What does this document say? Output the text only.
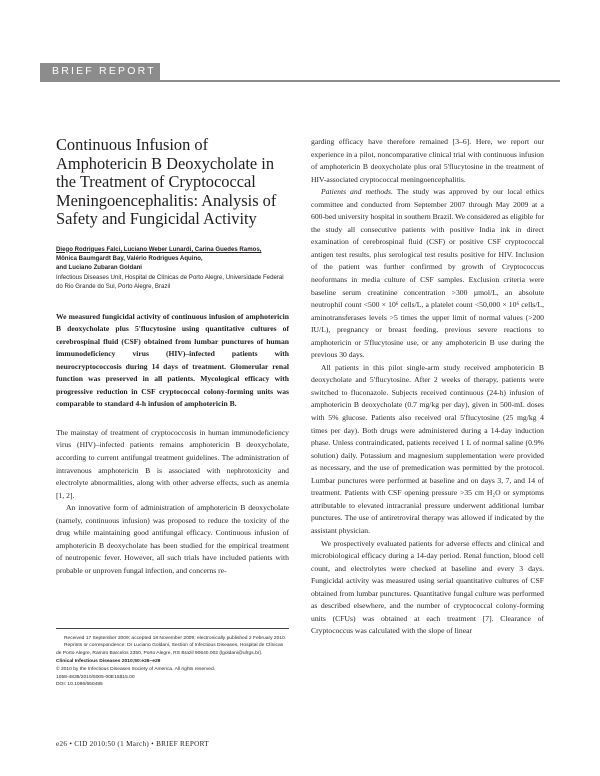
BRIEF REPORT
Continuous Infusion of Amphotericin B Deoxycholate in the Treatment of Cryptococcal Meningoencephalitis: Analysis of Safety and Fungicidal Activity
Diego Rodrigues Falci, Luciano Weber Lunardi, Carina Guedes Ramos,
Mônica Baumgardt Bay, Valério Rodrigues Aquino,
and Luciano Zubaran Goldani
Infectious Diseases Unit, Hospital de Clínicas de Porto Alegre, Universidade Federal do Rio Grande do Sul, Porto Alegre, Brazil
We measured fungicidal activity of continuous infusion of amphotericin B deoxycholate plus 5'flucytosine using quantitative cultures of cerebrospinal fluid (CSF) obtained from lumbar punctures of human immunodeficiency virus (HIV)–infected patients with neurocryptococcosis during 14 days of treatment. Glomerular renal function was preserved in all patients. Mycological efficacy with progressive reduction in CSF cryptococcal colony-forming units was comparable to standard 4-h infusion of amphotericin B.

The mainstay of treatment of cryptococcosis in human immunodeficiency virus (HIV)–infected patients remains amphotericin B deoxycholate, according to current antifungal treatment guidelines. The administration of intravenous amphotericin B is associated with nephrotoxicity and electrolyte abnormalities, along with other adverse effects, such as anemia [1, 2].

An innovative form of administration of amphotericin B deoxycholate (namely, continuous infusion) was proposed to reduce the toxicity of the drug while maintaining good antifungal efficacy. Continuous infusion of amphotericin B deoxycholate has been studied for the empirical treatment of neutropenic fever. However, all such trials have included patients with probable or unproven fungal infection, and concerns re-

garding efficacy have therefore remained [3–6]. Here, we report our experience in a pilot, noncomparative clinical trial with continuous infusion of amphotericin B deoxycholate plus oral 5'flucytosine in the treatment of HIV-associated cryptococcal meningoencephalitis.

Patients and methods. The study was approved by our local ethics committee and conducted from September 2007 through May 2009 at a 600-bed university hospital in southern Brazil. We considered as eligible for the study all consecutive patients with positive India ink in direct examination of cerebrospinal fluid (CSF) or positive CSF cryptococcal antigen test results, plus serological test results positive for HIV. Inclusion of the patient was further confirmed by growth of Cryptococcus neoformans in media culture of CSF samples. Exclusion criteria were baseline serum creatinine concentration >300 µmol/L, an absolute neutrophil count <500 × 10⁶ cells/L, a platelet count <50,000 × 10⁶ cells/L, aminotransferases levels >5 times the upper limit of normal values (>200 IU/L), pregnancy or breast feeding, previous severe reactions to amphotericin or 5'flucytosine use, or any amphotericin B use during the previous 30 days.

All patients in this pilot single-arm study received amphotericin B deoxycholate and 5'flucytosine. After 2 weeks of therapy, patients were switched to fluconazole. Subjects received continuous (24-h) infusion of amphotericin B deoxycholate (0.7 mg/kg per day), given in 500-mL doses with 5% glucose. Patients also received oral 5'flucytosine (25 mg/kg 4 times per day). Both drugs were administered during a 14-day induction phase. Unless contraindicated, patients received 1 L of normal saline (0.9% solution) daily. Potassium and magnesium supplementation were provided as necessary, and the use of premedication was permitted by the protocol. Lumbar punctures were performed at baseline and on days 3, 7, and 14 of treatment. Patients with CSF opening pressure >35 cm H₂O or symptoms attributable to elevated intracranial pressure underwent additional lumbar punctures. The use of antiretroviral therapy was allowed if indicated by the assistant physician.

We prospectively evaluated patients for adverse effects and clinical and microbiological efficacy during a 14-day period. Renal function, blood cell count, and electrolytes were checked at baseline and every 3 days. Fungicidal activity was measured using serial quantitative cultures of CSF obtained from lumbar punctures. Quantitative fungal culture was performed as described elsewhere, and the number of cryptococcal colony-forming units (CFUs) was obtained at each treatment [7]. Clearance of Cryptococcus was calculated with the slope of linear

Received 17 September 2009; accepted 18 November 2009; electronically published 2 February 2010.
Reprints or correspondence: Dr Luciano Goldani, Section of Infectious Diseases, Hospital de Clínicas de Porto Alegre, Ramiro Barcelos 2350, Porto Alegre, RS Brazil 90640.002 (lgoldani@ufrgs.br).
Clinical Infectious Diseases 2010;50:e26–e29
© 2010 by the Infectious Diseases Society of America. All rights reserved.
1058-4838/2010/5005-00E15$15.00
DOI: 10.1086/650485
e26 • CID 2010:50 (1 March) • BRIEF REPORT
